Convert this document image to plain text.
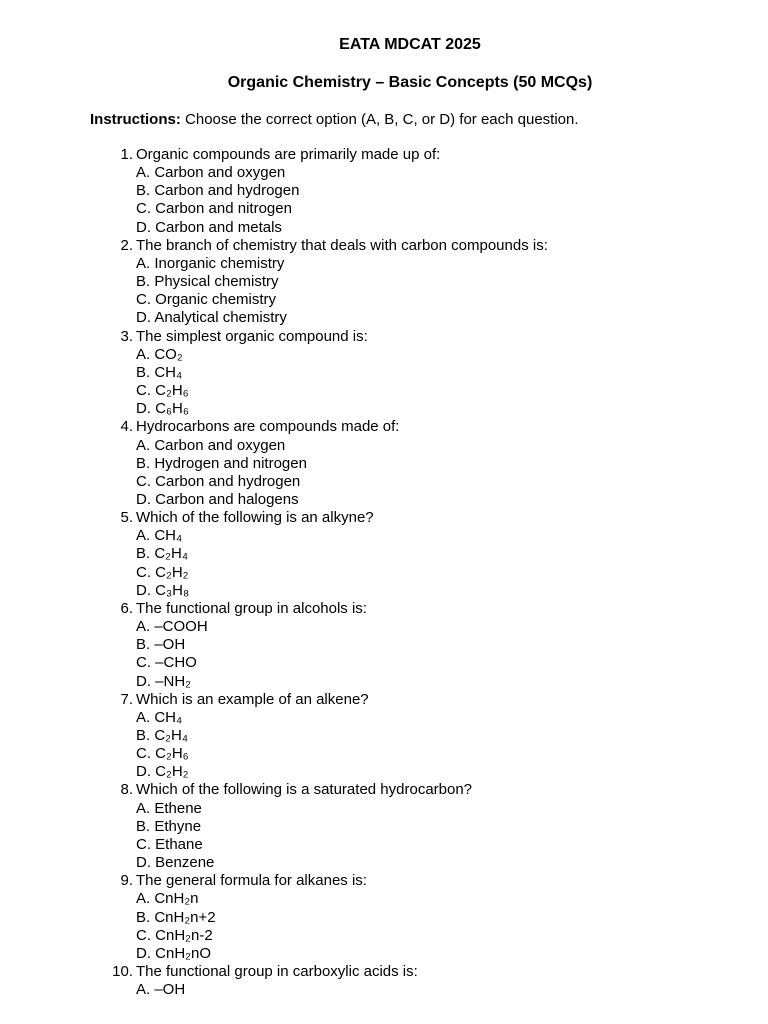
EATA MDCAT 2025
Organic Chemistry – Basic Concepts (50 MCQs)
Instructions: Choose the correct option (A, B, C, or D) for each question.
1. Organic compounds are primarily made up of:
A. Carbon and oxygen
B. Carbon and hydrogen
C. Carbon and nitrogen
D. Carbon and metals
2. The branch of chemistry that deals with carbon compounds is:
A. Inorganic chemistry
B. Physical chemistry
C. Organic chemistry
D. Analytical chemistry
3. The simplest organic compound is:
A. CO₂
B. CH₄
C. C₂H₆
D. C₆H₆
4. Hydrocarbons are compounds made of:
A. Carbon and oxygen
B. Hydrogen and nitrogen
C. Carbon and hydrogen
D. Carbon and halogens
5. Which of the following is an alkyne?
A. CH₄
B. C₂H₄
C. C₂H₂
D. C₃H₈
6. The functional group in alcohols is:
A. –COOH
B. –OH
C. –CHO
D. –NH₂
7. Which is an example of an alkene?
A. CH₄
B. C₂H₄
C. C₂H₆
D. C₂H₂
8. Which of the following is a saturated hydrocarbon?
A. Ethene
B. Ethyne
C. Ethane
D. Benzene
9. The general formula for alkanes is:
A. CnH₂n
B. CnH₂n+2
C. CnH₂n-2
D. CnH₂nO
10. The functional group in carboxylic acids is:
A. –OH
